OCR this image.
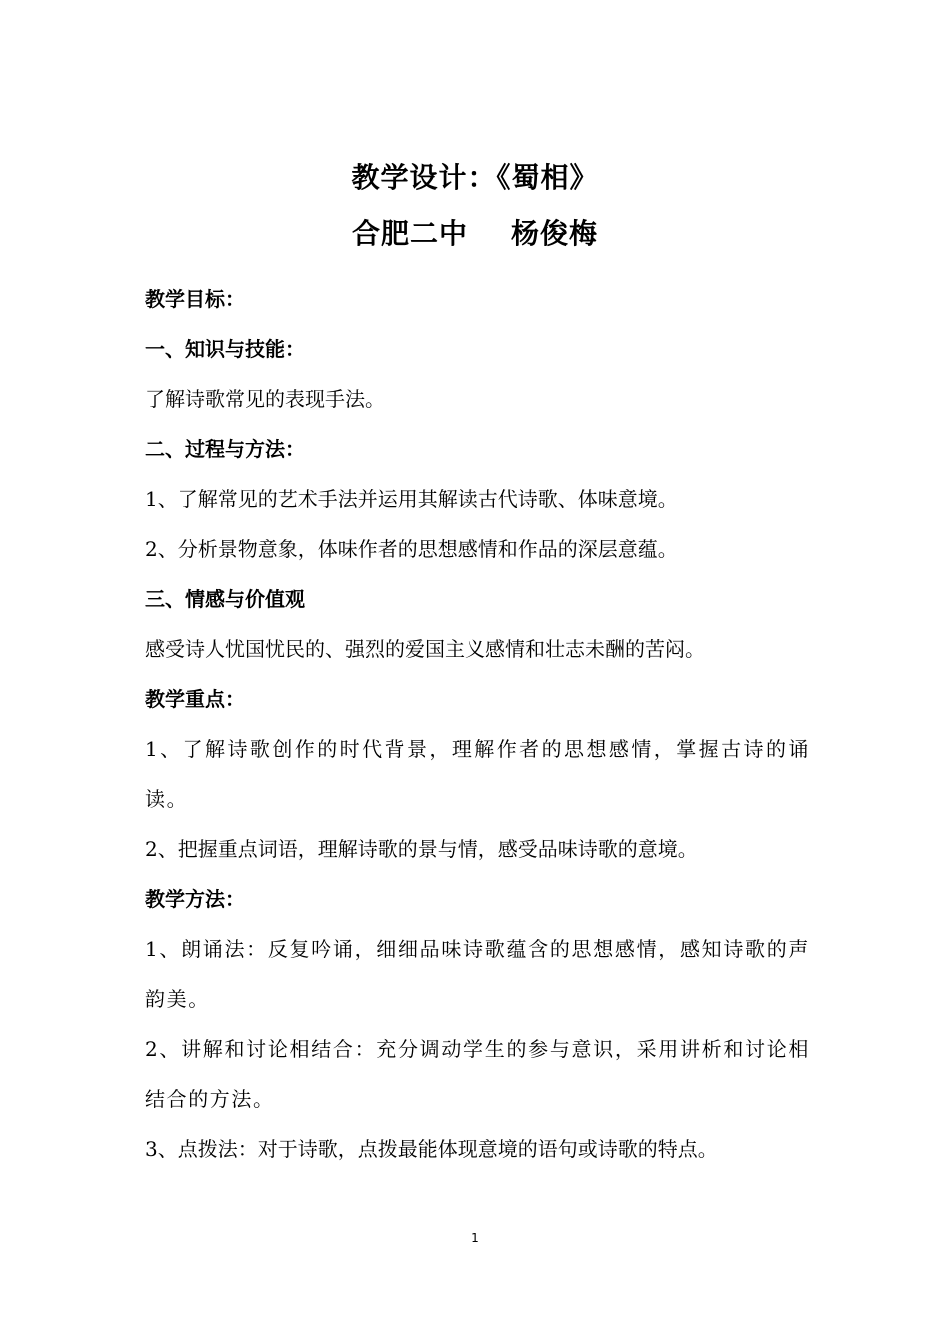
教学设计：《蜀相》
合肥二中    杨俊梅

教学目标：

一、知识与技能：

了解诗歌常见的表现手法。

二、过程与方法：

1、了解常见的艺术手法并运用其解读古代诗歌、体味意境。

2、分析景物意象，体味作者的思想感情和作品的深层意蕴。

三、情感与价值观

感受诗人忧国忧民的、强烈的爱国主义感情和壮志未酬的苦闷。

教学重点：

1、了解诗歌创作的时代背景，理解作者的思想感情，掌握古诗的诵读。

2、把握重点词语，理解诗歌的景与情，感受品味诗歌的意境。

教学方法：

1、朗诵法：反复吟诵，细细品味诗歌蕴含的思想感情，感知诗歌的声韵美。

2、讲解和讨论相结合：充分调动学生的参与意识，采用讲析和讨论相结合的方法。

3、点拨法：对于诗歌，点拨最能体现意境的语句或诗歌的特点。

1
